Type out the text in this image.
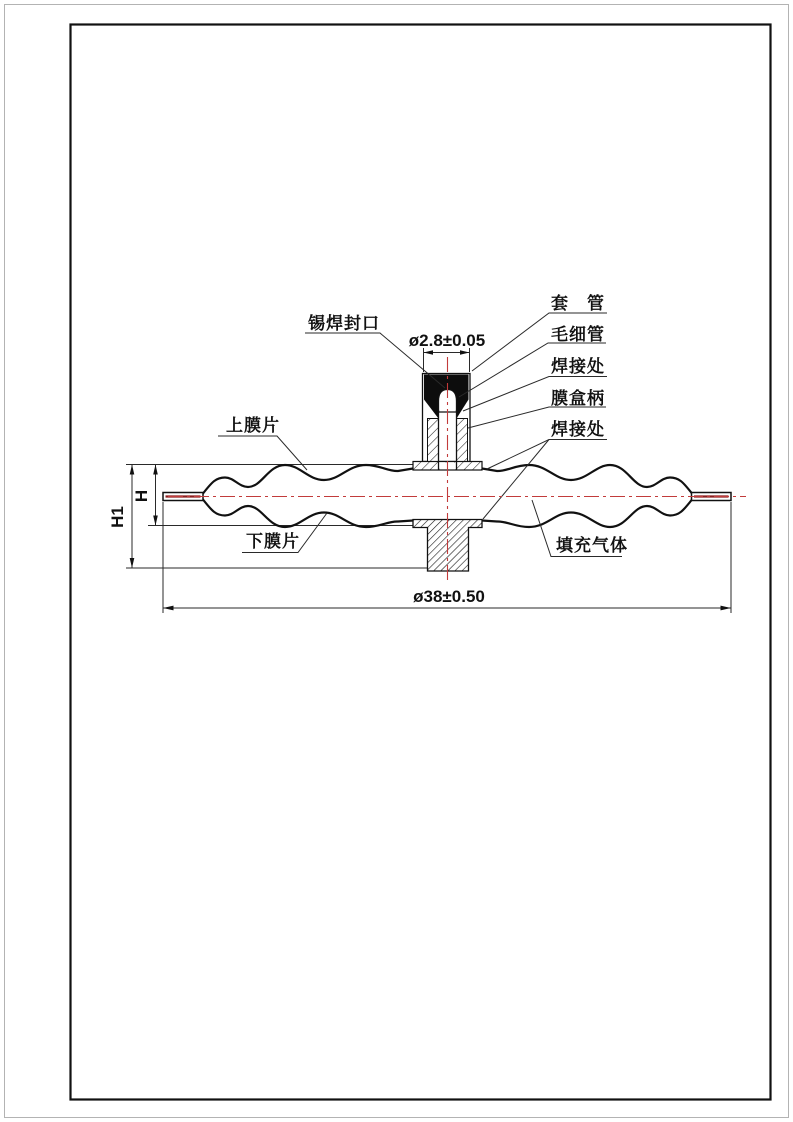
H
H1
ø2.8±0.05
ø38±0.50
锡焊封口
套　管
毛细管
焊接处
膜盒柄
焊接处
上膜片
下膜片	填充气体
